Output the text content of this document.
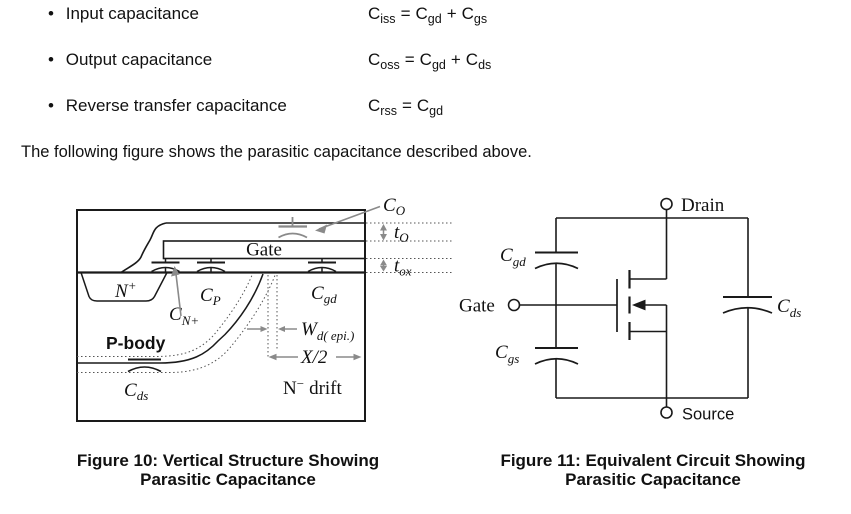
• Input capacitance	$C_{iss} = C_{gd} + C_{gs}$
• Output capacitance	$C_{oss} = C_{gd} + C_{ds}$
• Reverse transfer capacitance	$C_{rss} = C_{gd}$
The following figure shows the parasitic capacitance described above.
Gate
$C_O$
$t_O$
$t_{ox}$
N+	$C_P$	$C_{gd}$
$C_{N+}$
P-body
$W_{d( epi.)}$
X/2
$C_{ds}$	N− drift
Drain
Gate
Source
$C_{gd}$
$C_{gs}$
$C_{ds}$
Figure 10: Vertical Structure Showing
Parasitic Capacitance
Figure 11: Equivalent Circuit Showing
Parasitic Capacitance
